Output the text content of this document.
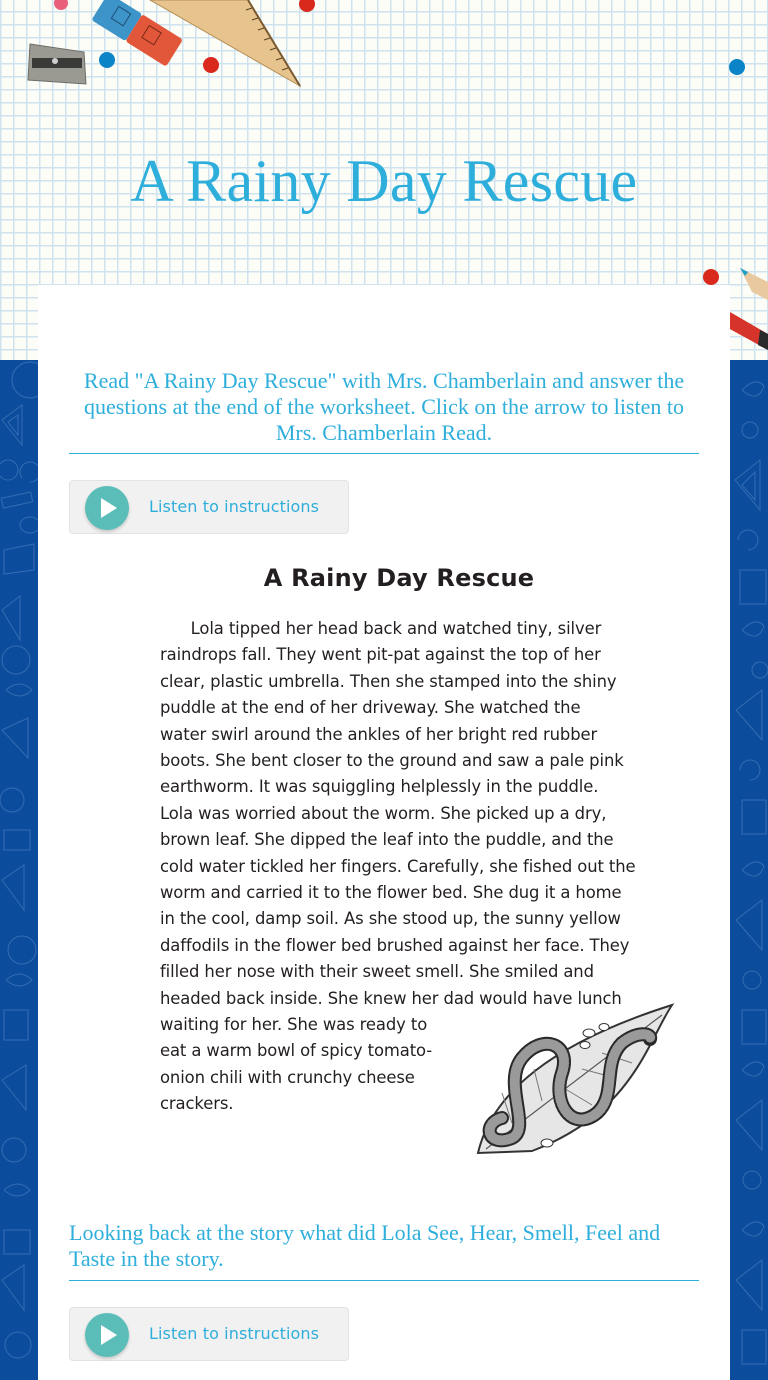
A Rainy Day Rescue
Read "A Rainy Day Rescue" with Mrs. Chamberlain and answer the questions at the end of the worksheet. Click on the arrow to listen to Mrs. Chamberlain Read.
Listen to instructions
A Rainy Day Rescue
Lola tipped her head back and watched tiny, silver
raindrops fall. They went pit-pat against the top of her
clear, plastic umbrella. Then she stamped into the shiny
puddle at the end of her driveway. She watched the
water swirl around the ankles of her bright red rubber
boots. She bent closer to the ground and saw a pale pink
earthworm. It was squiggling helplessly in the puddle.
Lola was worried about the worm. She picked up a dry,
brown leaf. She dipped the leaf into the puddle, and the
cold water tickled her fingers. Carefully, she fished out the
worm and carried it to the flower bed. She dug it a home
in the cool, damp soil. As she stood up, the sunny yellow
daffodils in the flower bed brushed against her face. They
filled her nose with their sweet smell. She smiled and
headed back inside. She knew her dad would have lunch
waiting for her. She was ready to
eat a warm bowl of spicy tomato-
onion chili with crunchy cheese
crackers.
Looking back at the story what did Lola See, Hear, Smell, Feel and Taste in the story.
Listen to instructions
